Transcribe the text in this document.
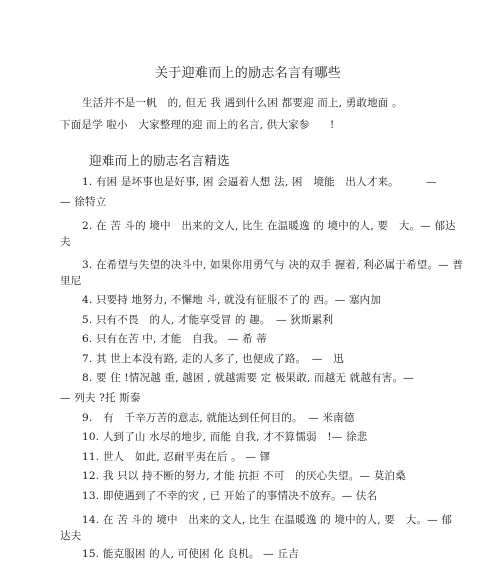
关于迎难而上的励志名言有哪些
生活并不是一帆　的, 但无 我 遇到什么困 都要迎 而上, 勇敢地面 。
下面是学 啦小　大家整理的迎 而上的名言, 供大家参 !
迎难而上的励志名言精选
1. 有困 是坏事也是好事, 困 会逼着人想 法, 困　境能　出人才来。	—
— 徐特立
2. 在 苦 斗的 境中　出来的文人, 比生 在温暖逸 的 境中的人, 要　大。— 郁达
夫
3. 在希望与失望的决斗中, 如果你用勇气与 决的双手 握着, 利必属于希望。— 普
里尼
4. 只要持 地努力, 不懈地 斗, 就没有征服不了的 西。— 塞内加
5. 只有不畏　的人, 才能享受冒 的 趣。　— 狄斯累利
6. 只有在苦 中, 才能　自我。 — 希 蒂
7. 其 世上本没有路, 走的人多了, 也便成了路。　—　迅
8. 要 住 !情况越 重, 越困 , 就越需要 定 极果敢, 而越无 就越有害。—
— 列夫 ?托 斯泰
9.　有　千辛万苦的意志, 就能达到任何目的。　— 米南德
10. 人到了山 水尽的地步, 而能 自我, 才不算懦弱　!— 徐悲
11. 世人　如此, 忍耐平夷在后 。 — 镠
12. 我 只以 持不断的努力, 才能 抗拒 不可　的厌心失望。— 莫泊桑
13. 即使遇到了不幸的灾 , 已 开始了的事情决不放弃。— 伕名
14. 在 苦 斗的 境中　出来的文人, 比生 在温暖逸 的 境中的人, 要　大。— 郁
达夫
15. 能克服困 的人, 可使困 化 良机。 — 丘吉
